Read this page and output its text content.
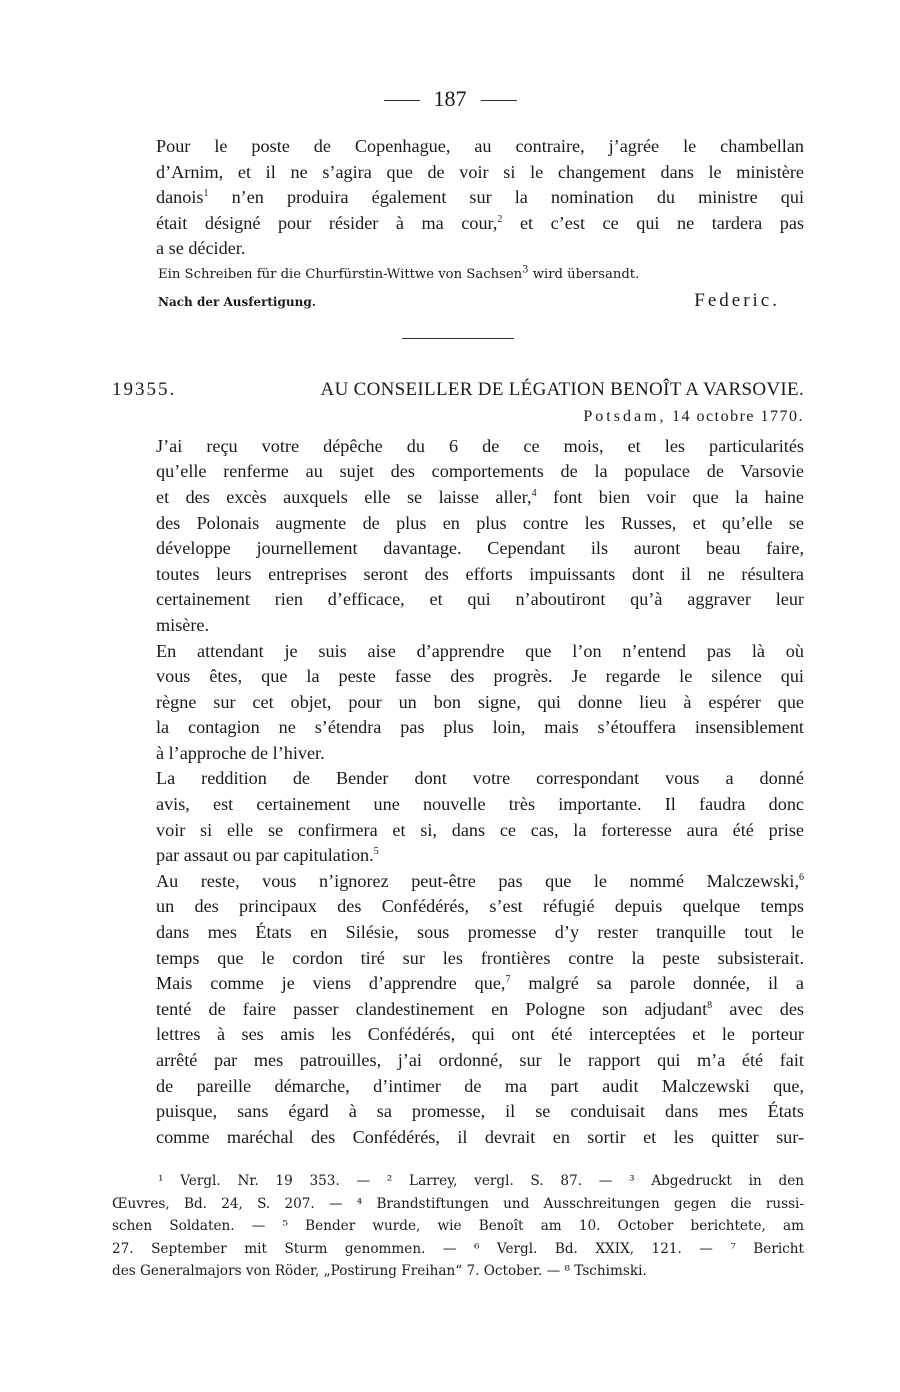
187

Pour le poste de Copenhague, au contraire, j’agrée le chambellan
d’Arnim, et il ne s’agira que de voir si le changement dans le ministère
danois$^1$ n’en produira également sur la nomination du ministre qui
était désigné pour résider à ma cour,$^2$ et c’est ce qui ne tardera pas
a se décider.

Ein Schreiben für die Churfürstin-Wittwe von Sachsen$^3$ wird übersandt.
Nach der Ausfertigung.	Federic.
19355.	AU CONSEILLER DE LÉGATION BENOÎT A VARSOVIE.
Potsdam, 14 octobre 1770.

J’ai reçu votre dépêche du 6 de ce mois, et les particularités
qu’elle renferme au sujet des comportements de la populace de Varsovie
et des excès auxquels elle se laisse aller,$^4$ font bien voir que la haine
des Polonais augmente de plus en plus contre les Russes, et qu’elle se
développe journellement davantage. Cependant ils auront beau faire,
toutes leurs entreprises seront des efforts impuissants dont il ne résultera
certainement rien d’efficace, et qui n’aboutiront qu’à aggraver leur
misère.

En attendant je suis aise d’apprendre que l’on n’entend pas là où
vous êtes, que la peste fasse des progrès. Je regarde le silence qui
règne sur cet objet, pour un bon signe, qui donne lieu à espérer que
la contagion ne s’étendra pas plus loin, mais s’étouffera insensiblement
à l’approche de l’hiver.

La reddition de Bender dont votre correspondant vous a donné
avis, est certainement une nouvelle très importante. Il faudra donc
voir si elle se confirmera et si, dans ce cas, la forteresse aura été prise
par assaut ou par capitulation.$^5$

Au reste, vous n’ignorez peut-être pas que le nommé Malczewski,$^6$
un des principaux des Confédérés, s’est réfugié depuis quelque temps
dans mes États en Silésie, sous promesse d’y rester tranquille tout le
temps que le cordon tiré sur les frontières contre la peste subsisterait.
Mais comme je viens d’apprendre que,$^7$ malgré sa parole donnée, il a
tenté de faire passer clandestinement en Pologne son adjudant$^8$ avec des
lettres à ses amis les Confédérés, qui ont été interceptées et le porteur
arrêté par mes patrouilles, j’ai ordonné, sur le rapport qui m’a été fait
de pareille démarche, d’intimer de ma part audit Malczewski que,
puisque, sans égard à sa promesse, il se conduisait dans mes États
comme maréchal des Confédérés, il devrait en sortir et les quitter sur-

¹ Vergl. Nr. 19 353. — ² Larrey, vergl. S. 87. — ³ Abgedruckt in den
Œuvres, Bd. 24, S. 207. — ⁴ Brandstiftungen und Ausschreitungen gegen die russi-
schen Soldaten. — ⁵ Bender wurde, wie Benoît am 10. October berichtete, am
27. September mit Sturm genommen. — ⁶ Vergl. Bd. XXIX, 121. — ⁷ Bericht
des Generalmajors von Röder, „Postirung Freihan“ 7. October. — ⁸ Tschimski.
